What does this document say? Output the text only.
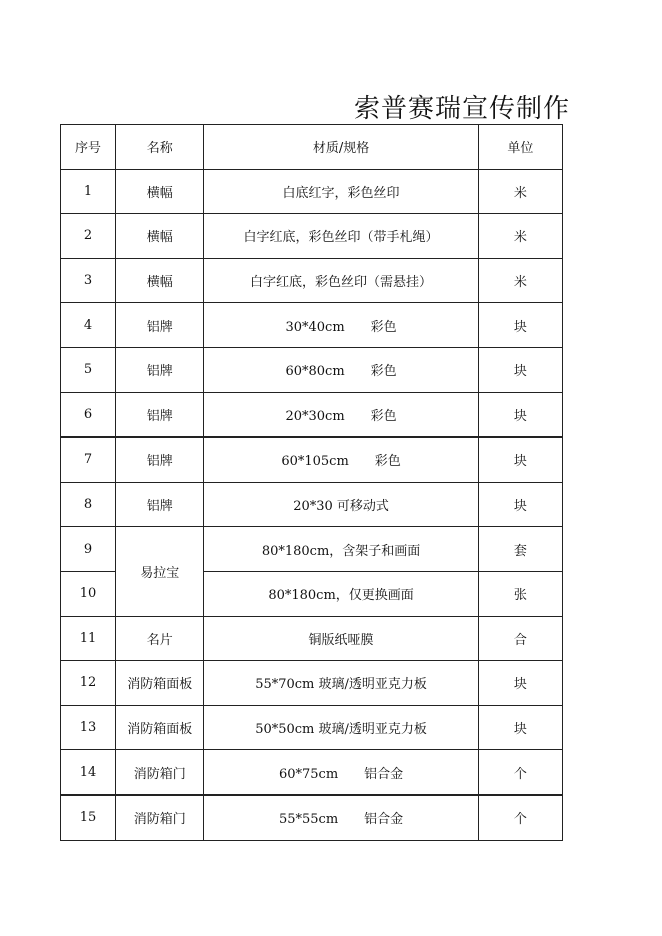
索普赛瑞宣传制作
序号	名称	材质/规格	单位
1	横幅	白底红字，彩色丝印	米
2	横幅	白字红底，彩色丝印（带手札绳）	米
3	横幅	白字红底，彩色丝印（需悬挂）	米
4	铝牌	30*40cm　　彩色	块
5	铝牌	60*80cm　　彩色	块
6	铝牌	20*30cm　　彩色	块
7	铝牌	60*105cm　　彩色	块
8	铝牌	20*30 可移动式	块
9	易拉宝	80*180cm，含架子和画面	套
10		80*180cm，仅更换画面	张
11	名片	铜版纸哑膜	合
12	消防箱面板	55*70cm 玻璃/透明亚克力板	块
13	消防箱面板	50*50cm 玻璃/透明亚克力板	块
14	消防箱门	60*75cm　　铝合金	个
15	消防箱门	55*55cm　　铝合金	个
